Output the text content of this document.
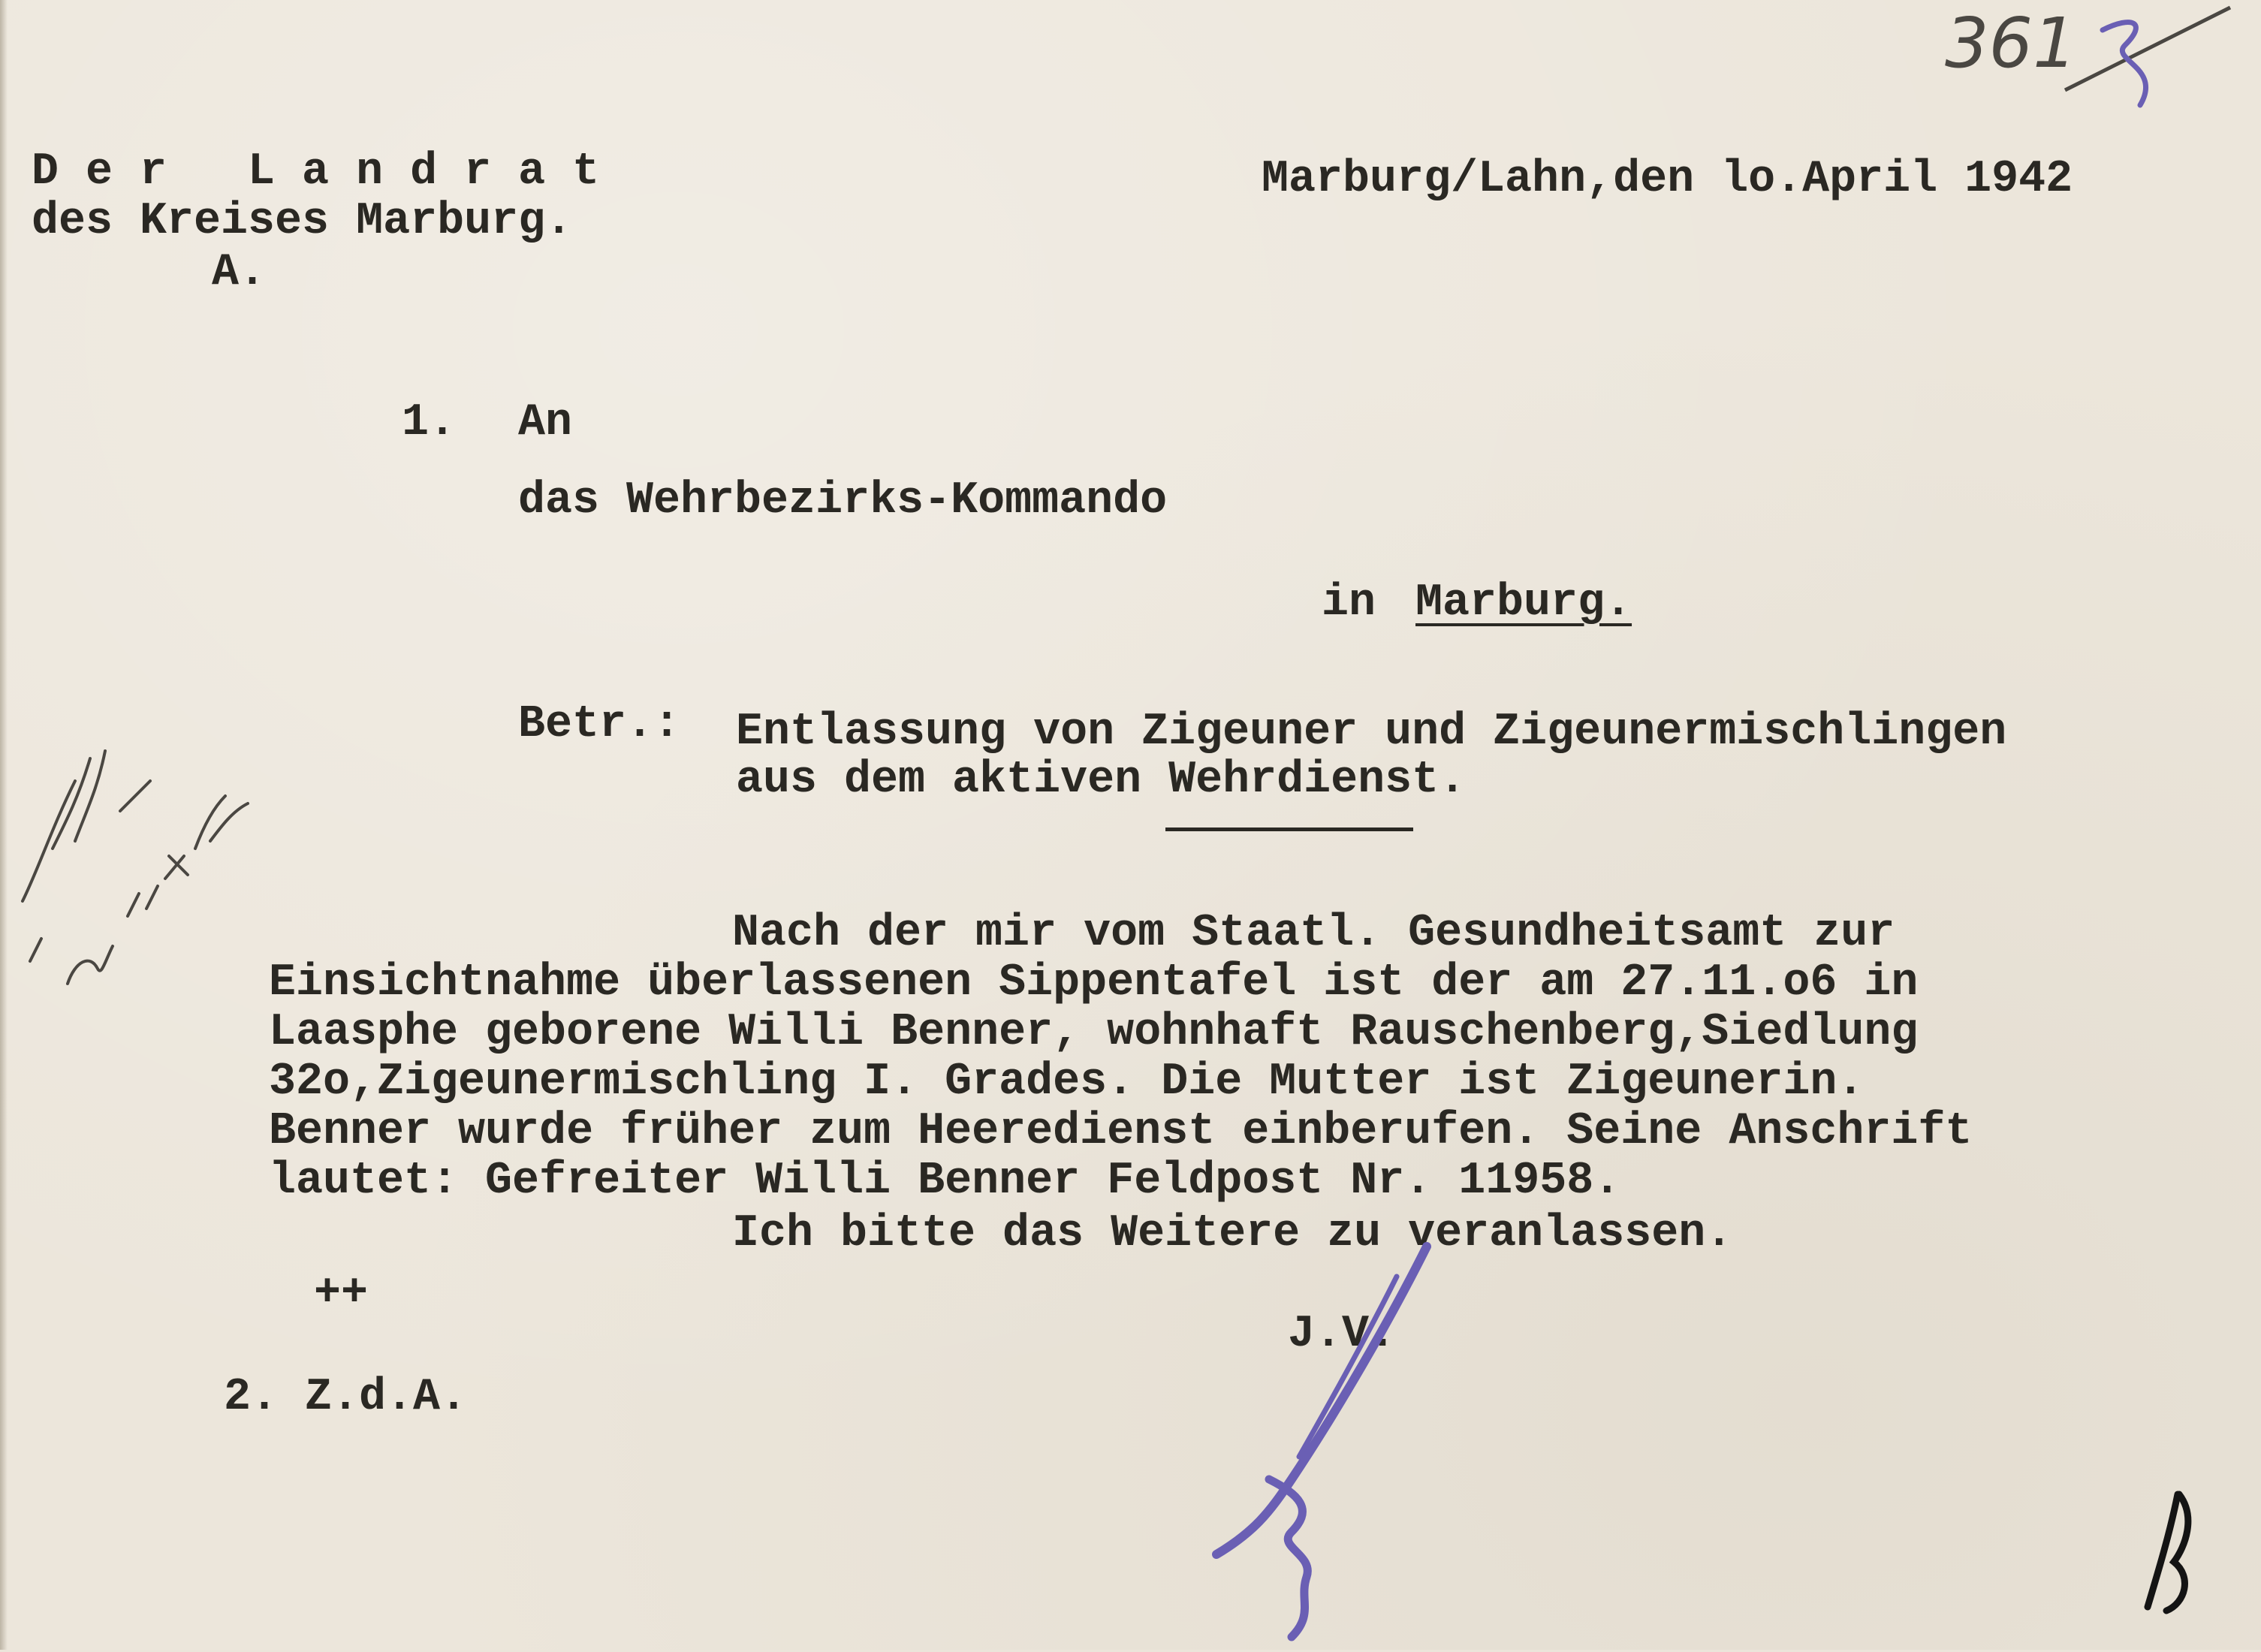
361
D e r   L a n d r a t
des Kreises Marburg.
A.
Marburg/Lahn,den lo.April 1942
1. An
das Wehrbezirks-Kommando
in Marburg.
Betr.: Entlassung von Zigeuner und Zigeunermischlingen
aus dem aktiven Wehrdienst.
Nach der mir vom Staatl. Gesundheitsamt zur
Einsichtnahme überlassenen Sippentafel ist der am 27.11.o6 in
Laasphe geborene Willi Benner, wohnhaft Rauschenberg,Siedlung
32o,Zigeunermischling I. Grades. Die Mutter ist Zigeunerin.
Benner wurde früher zum Heeredienst einberufen. Seine Anschrift
lautet: Gefreiter Willi Benner Feldpost Nr. 11958.
Ich bitte das Weitere zu veranlassen.
++
J.V.
2. Z.d.A.
